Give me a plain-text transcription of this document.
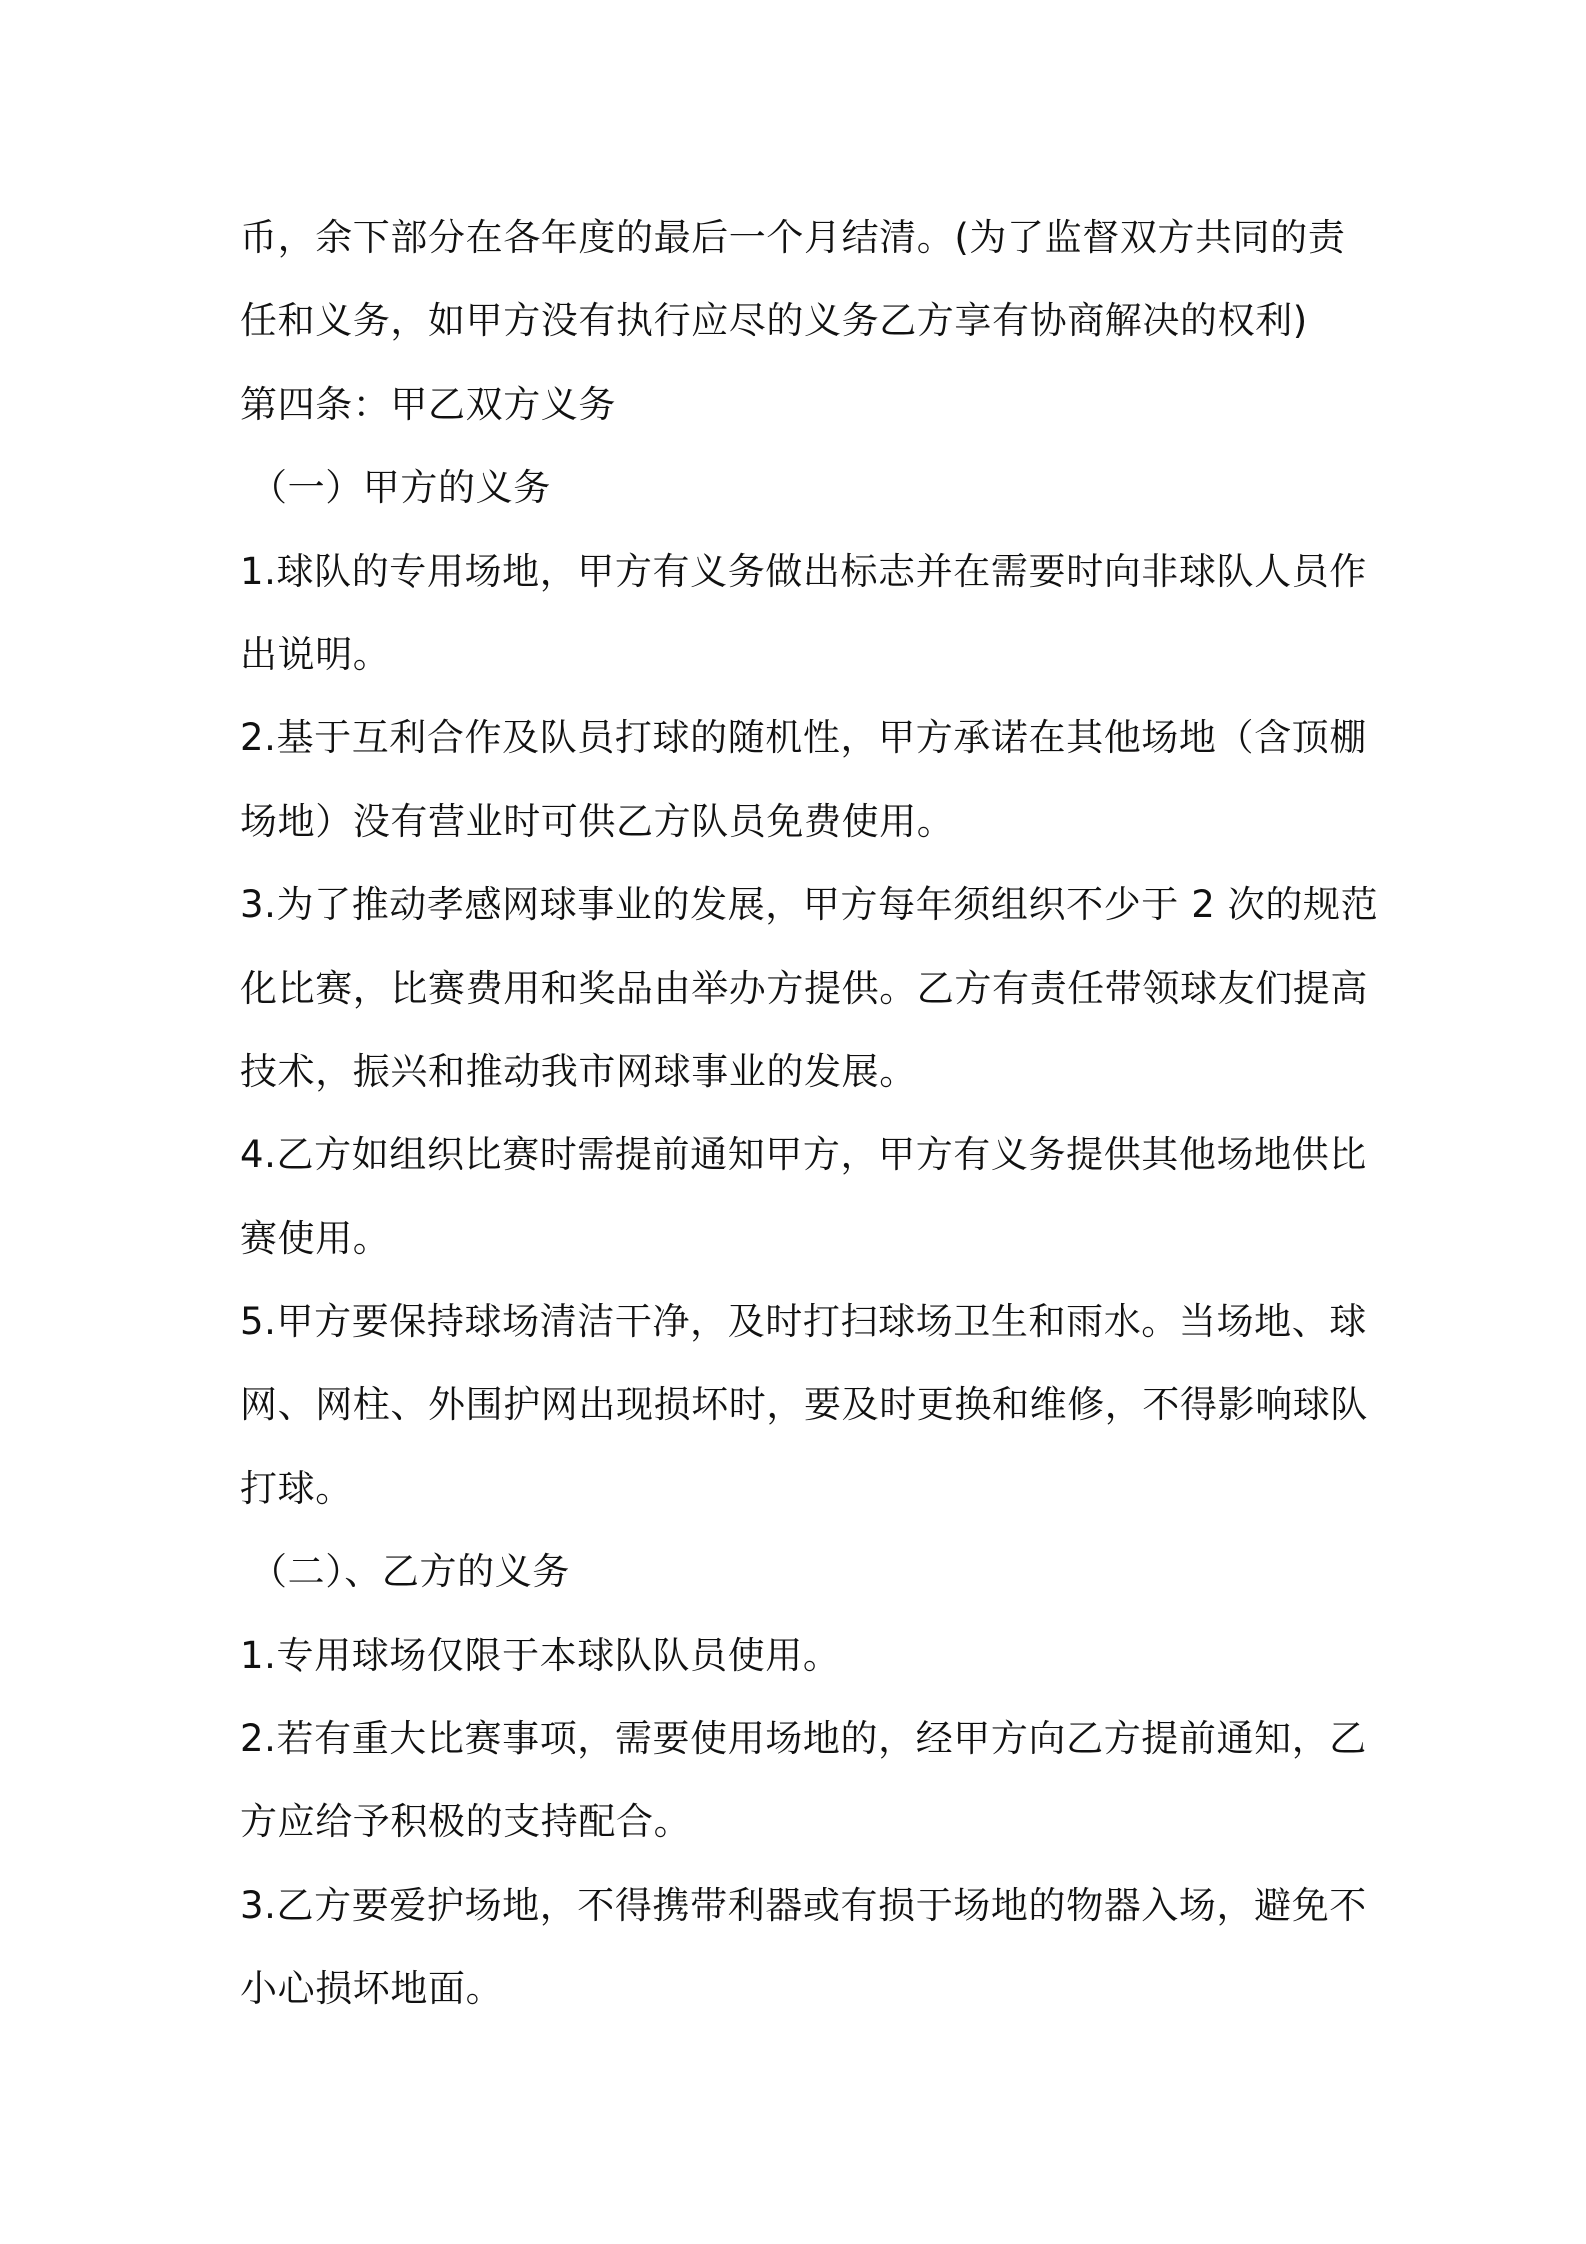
币，余下部分在各年度的最后一个月结清。(为了监督双方共同的责
任和义务，如甲方没有执行应尽的义务乙方享有协商解决的权利)
第四条：甲乙双方义务
（一）甲方的义务
1.球队的专用场地，甲方有义务做出标志并在需要时向非球队人员作
出说明。
2.基于互利合作及队员打球的随机性，甲方承诺在其他场地（含顶棚
场地）没有营业时可供乙方队员免费使用。
3.为了推动孝感网球事业的发展，甲方每年须组织不少于 2 次的规范
化比赛，比赛费用和奖品由举办方提供。乙方有责任带领球友们提高
技术，振兴和推动我市网球事业的发展。
4.乙方如组织比赛时需提前通知甲方，甲方有义务提供其他场地供比
赛使用。
5.甲方要保持球场清洁干净，及时打扫球场卫生和雨水。当场地、球
网、网柱、外围护网出现损坏时，要及时更换和维修，不得影响球队
打球。
（二）、乙方的义务
1.专用球场仅限于本球队队员使用。
2.若有重大比赛事项，需要使用场地的，经甲方向乙方提前通知，乙
方应给予积极的支持配合。
3.乙方要爱护场地，不得携带利器或有损于场地的物器入场，避免不
小心损坏地面。
